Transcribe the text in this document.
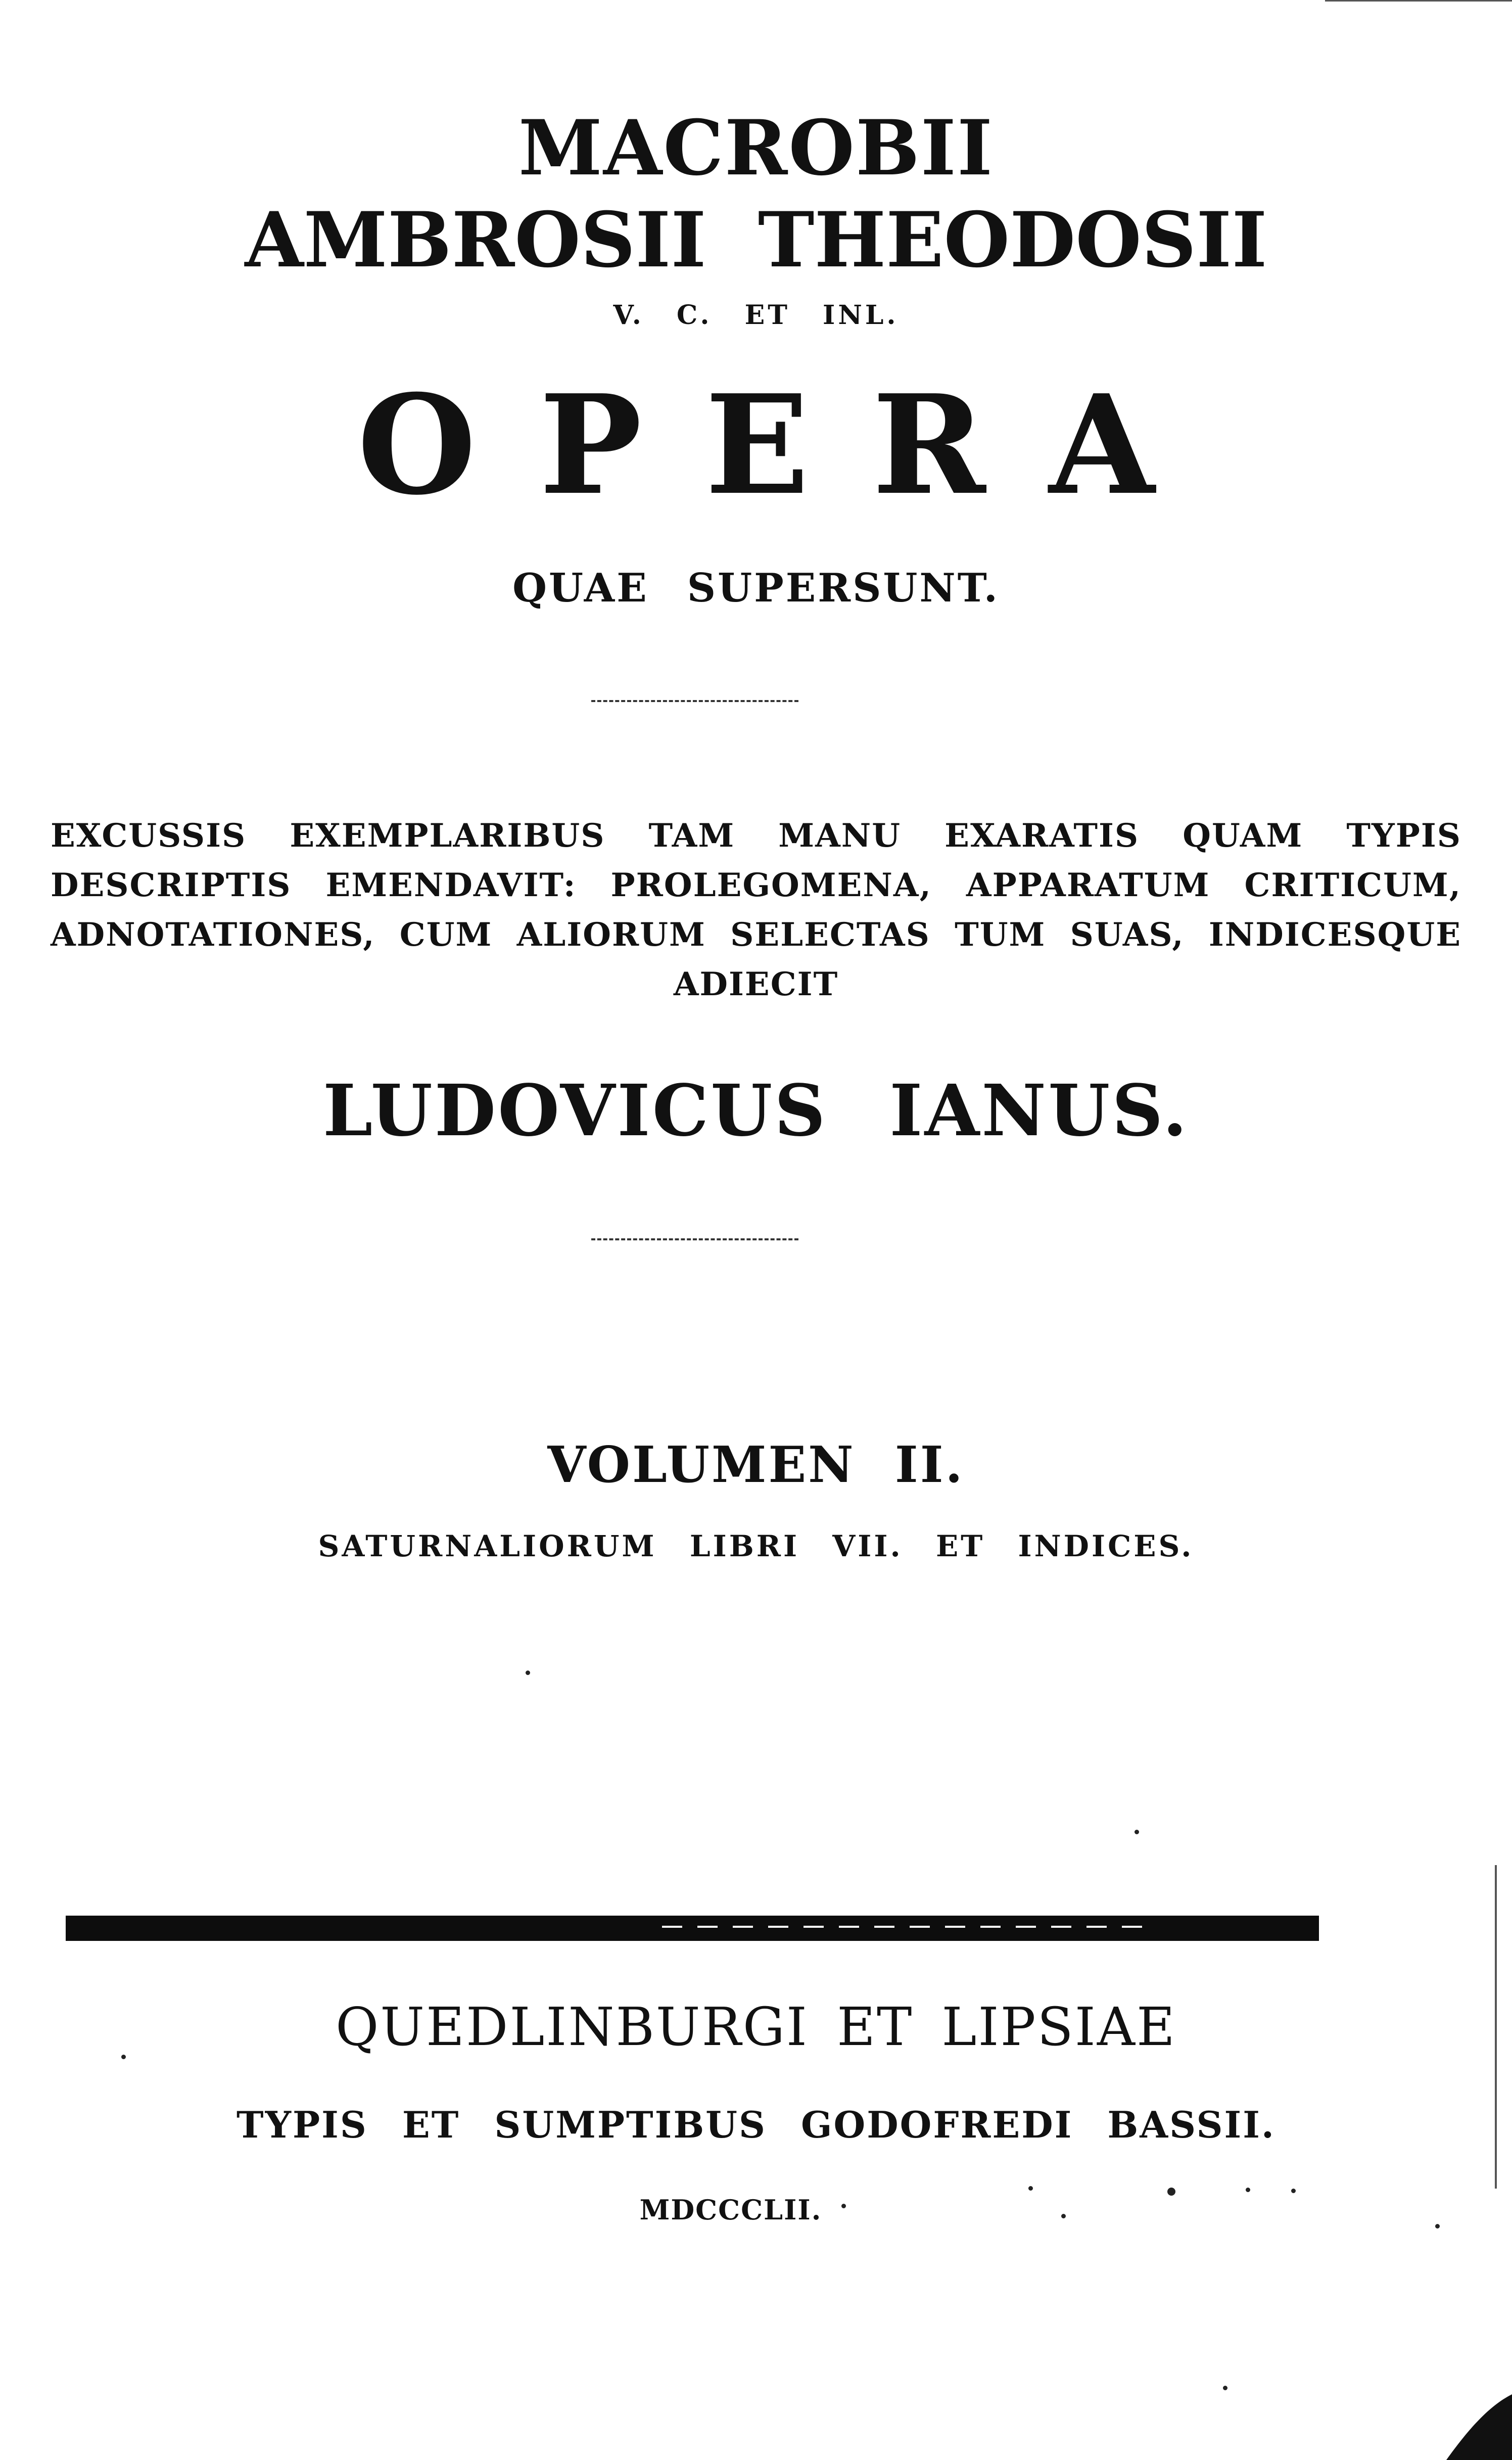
MACROBII
AMBROSII THEODOSII
V. C. ET INL.
OPERA
QUAE SUPERSUNT.
EXCUSSIS EXEMPLARIBUS TAM MANU EXARATIS QUAM TYPIS DESCRIPTIS EMENDAVIT: PROLEGOMENA, APPARATUM CRITICUM, ADNOTATIONES, CUM ALIORUM SELECTAS TUM SUAS, INDICESQUE ADIECIT
LUDOVICUS IANUS.
VOLUMEN II.
SATURNALIORUM LIBRI VII. ET INDICES.
QUEDLINBURGI ET LIPSIAE
TYPIS ET SUMPTIBUS GODOFREDI BASSII.
MDCCCLII.
